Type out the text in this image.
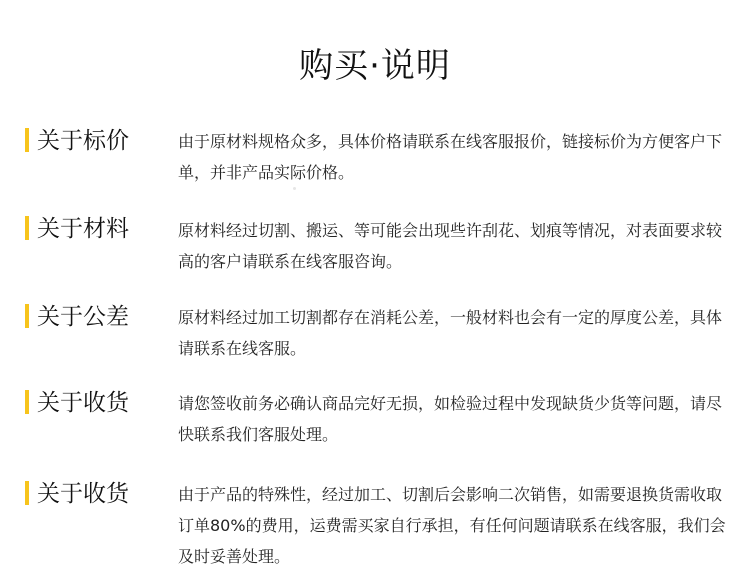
购买·说明
关于标价	由于原材料规格众多，具体价格请联系在线客服报价，链接标价为方便客户下单，并非产品实际价格。
关于材料	原材料经过切割、搬运、等可能会出现些许刮花、划痕等情况，对表面要求较高的客户请联系在线客服咨询。
关于公差	原材料经过加工切割都存在消耗公差，一般材料也会有一定的厚度公差，具体请联系在线客服。
关于收货	请您签收前务必确认商品完好无损，如检验过程中发现缺货少货等问题，请尽快联系我们客服处理。
关于收货	由于产品的特殊性，经过加工、切割后会影响二次销售，如需要退换货需收取订单80%的费用，运费需买家自行承担，有任何问题请联系在线客服，我们会及时妥善处理。
